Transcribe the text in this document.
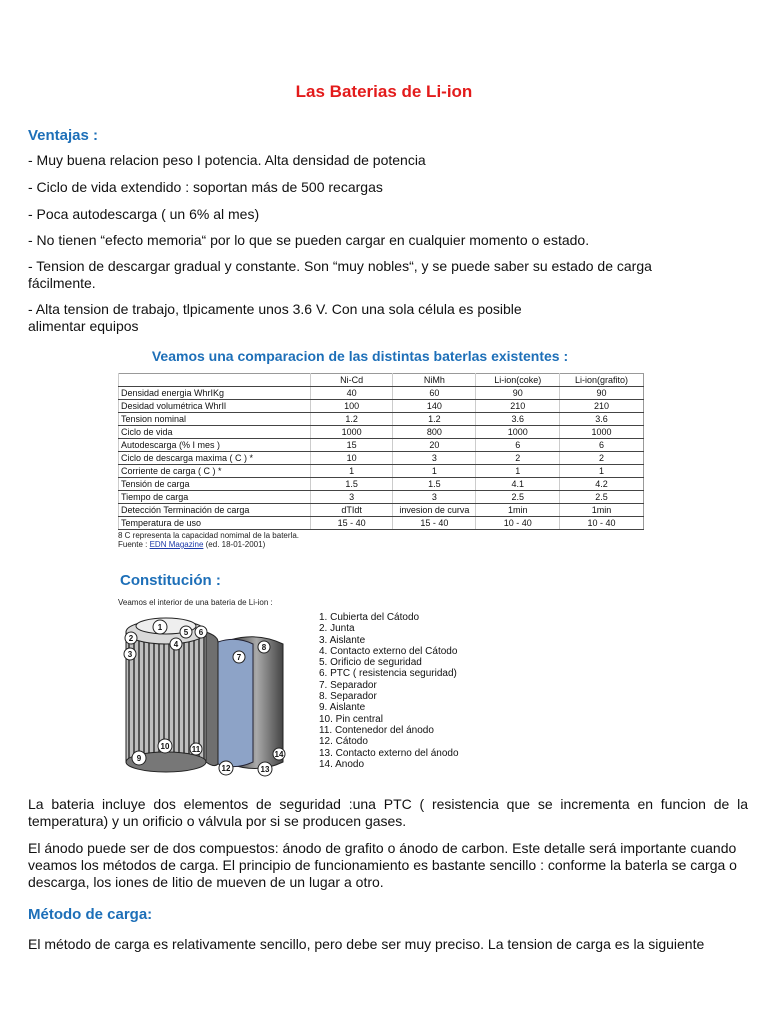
Las Baterias de Li-ion
Ventajas :
- Muy buena relacion peso I potencia. Alta densidad de potencia
- Ciclo de vida extendido : soportan más de 500 recargas
- Poca autodescarga ( un 6% al mes)
- No tienen “efecto memoria“ por lo que se pueden cargar en cualquier momento o estado.
- Tension de descargar gradual y constante. Son “muy nobles“, y se puede saber su estado de carga fácilmente.
- Alta tension de trabajo, tlpicamente unos 3.6 V. Con una sola célula es posible alimentar equipos
Veamos una comparacion de las distintas baterlas existentes :
	Ni-Cd	NiMh	Li-ion(coke)	Li-ion(grafito)
Densidad energia WhrIKg	40	60	90	90
Desidad volumétrica WhrIl	100	140	210	210
Tension nominal	1.2	1.2	3.6	3.6
Ciclo de vida	1000	800	1000	1000
Autodescarga (% I mes )	15	20	6	6
Ciclo de descarga maxima ( C ) *	10	3	2	2
Corriente de carga ( C ) *	1	1	1	1
Tensión de carga	1.5	1.5	4.1	4.2
Tiempo de carga	3	3	2.5	2.5
Detección Terminación de carga	dTIdt	invesion de curva	1min	1min
Temperatura de uso	15 - 40	15 - 40	10 - 40	10 - 40
8 C representa la capacidad nomimal de la baterla.
Fuente : EDN Magazine (ed. 18-01-2001)
Constitución :
Veamos el interior de una bateria de Li-ion :
1
2
3
4
5 6
7
8
9
10	11
12	13
14
1. Cubierta del Cátodo
2. Junta
3. Aislante
4. Contacto externo del Cátodo
5. Orificio de seguridad
6. PTC ( resistencia seguridad)
7. Separador
8. Separador
9. Aislante
10. Pin central
11. Contenedor del ánodo
12. Cátodo
13. Contacto externo del ánodo
14. Anodo
La bateria incluye dos elementos de seguridad :una PTC ( resistencia que se incrementa en funcion de la temperatura) y un orificio o válvula por si se producen gases.
El ánodo puede ser de dos compuestos: ánodo de grafito o ánodo de carbon. Este detalle será importante cuando veamos los métodos de carga. El principio de funcionamiento es bastante sencillo : conforme la baterla se carga o descarga, los iones de litio de mueven de un lugar a otro.
Método de carga:
El método de carga es relativamente sencillo, pero debe ser muy preciso. La tension de carga es la siguiente
